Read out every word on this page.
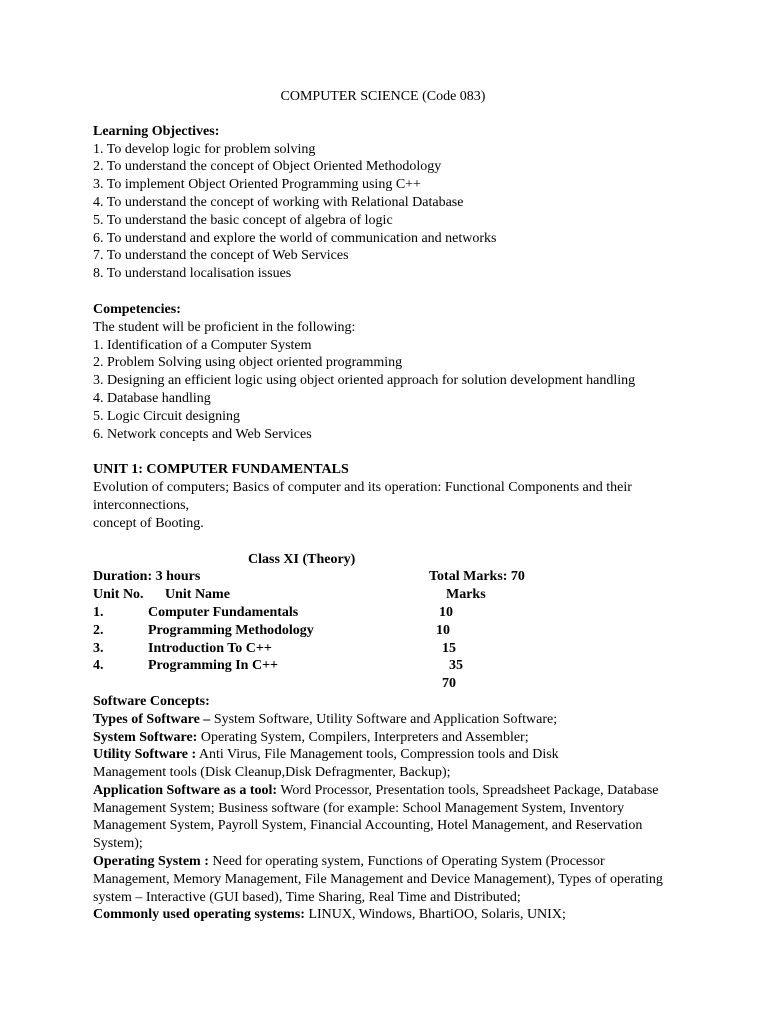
COMPUTER SCIENCE (Code 083)
Learning Objectives:
1. To develop logic for problem solving
2. To understand the concept of Object Oriented Methodology
3. To implement Object Oriented Programming using C++
4. To understand the concept of working with Relational Database
5. To understand the basic concept of algebra of logic
6. To understand and explore the world of communication and networks
7. To understand the concept of Web Services
8. To understand localisation issues
Competencies:
The student will be proficient in the following:
1. Identification of a Computer System
2. Problem Solving using object oriented programming
3. Designing an efficient logic using object oriented approach for solution development handling
4. Database handling
5. Logic Circuit designing
6. Network concepts and Web Services
UNIT 1: COMPUTER FUNDAMENTALS
Evolution of computers; Basics of computer and its operation: Functional Components and their interconnections,
concept of Booting.
Class XI (Theory)
Duration: 3 hours	Total Marks: 70
Unit No. Unit Name	Marks
1.	Computer Fundamentals	10
2.	Programming Methodology	10
3.	Introduction To C++	15
4.	Programming In C++	35
70
Software Concepts:
Types of Software – System Software, Utility Software and Application Software;
System Software: Operating System, Compilers, Interpreters and Assembler;
Utility Software : Anti Virus, File Management tools, Compression tools and Disk Management tools (Disk Cleanup,Disk Defragmenter, Backup);
Application Software as a tool: Word Processor, Presentation tools, Spreadsheet Package, Database Management System; Business software (for example: School Management System, Inventory Management System, Payroll System, Financial Accounting, Hotel Management, and Reservation System);
Operating System : Need for operating system, Functions of Operating System (Processor Management, Memory Management, File Management and Device Management), Types of operating system – Interactive (GUI based), Time Sharing, Real Time and Distributed;
Commonly used operating systems: LINUX, Windows, BhartiOO, Solaris, UNIX;
